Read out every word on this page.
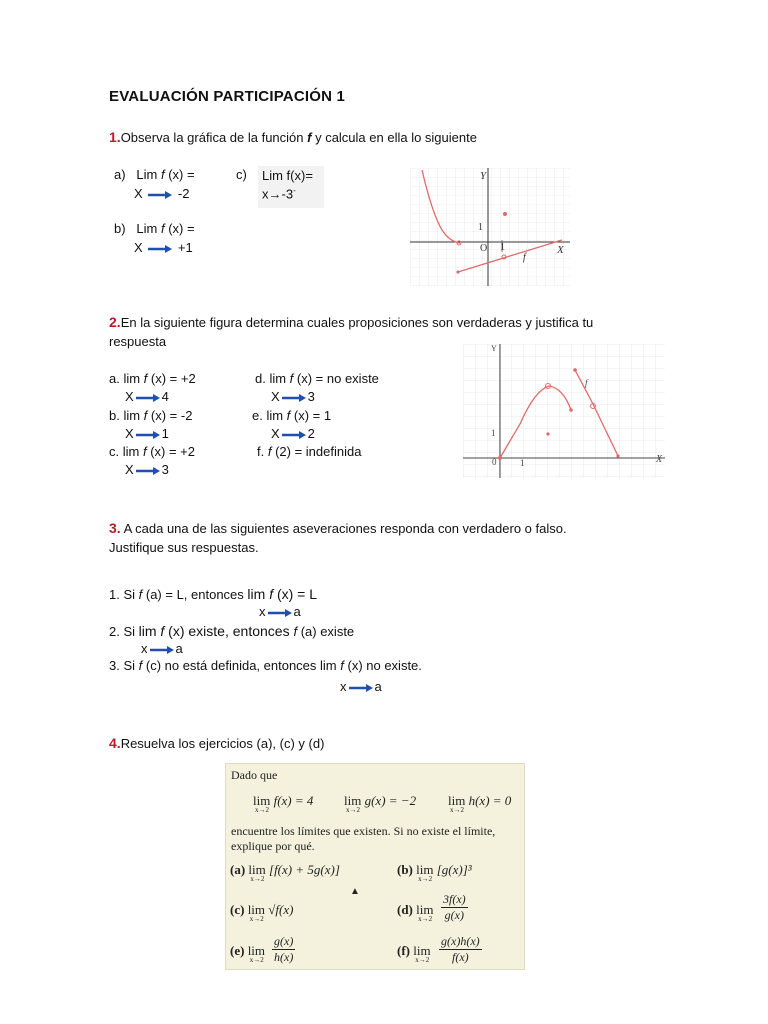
EVALUACIÓN PARTICIPACIÓN 1
1.Observa la gráfica de la función f y calcula en ella lo siguiente
a) Lim f (x) =
X	-2
b) Lim f (x) =
X	+1
c) Lim f(x)=
x→-3-
Y
X
O
1
1
f
2.En la siguiente figura determina cuales proposiciones son verdaderas y justifica tu
respuesta
a. lim f (x) = +2
X 4
b. lim f (x) = -2
X 1
c. lim f (x) = +2
X 3
d. lim f (x) = no existe
X 3
e. lim f (x) = 1
X 2
f. f (2) = indefinida
Y
X
0
1
1
f
3. A cada una de las siguientes aseveraciones responda con verdadero o falso.
Justifique sus respuestas.
1. Si f (a) = L, entonces lim f (x) = L
x a
2. Si lim f (x) existe, entonces f (a) existe
x a
3. Si f (c) no está definida, entonces lim f (x) no existe.
x a
4.Resuelva los ejercicios (a), (c) y (d)
Dado que
lim
x→2
f(x) = 4 lim
x→2
g(x) = −2 lim
x→2
h(x) = 0
encuentre los límites que existen. Si no existe el límite,
explique por qué.
(a) lim
x→2
[f(x) + 5g(x)]	(b) lim
x→2
[g(x)]³
(c) lim
x→2
√f(x)	(d) lim
x→2
3f(x)
g(x)
(e) lim
x→2
g(x)
h(x)	(f) lim
x→2
g(x)h(x)
f(x)
▲
